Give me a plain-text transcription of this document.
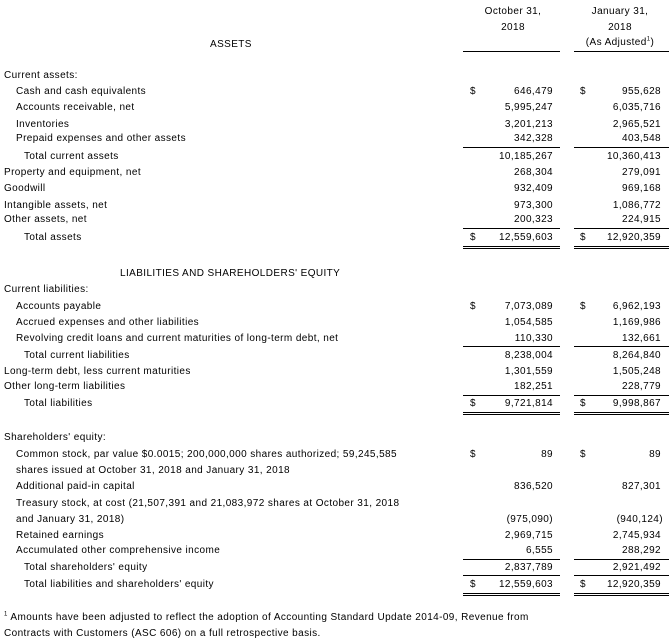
October 31,
2018
January 31,
2018
(As Adjusted$^1$)
ASSETS
Current assets:
Cash and cash equivalents	$	646,479	$	955,628
Accounts receivable, net	5,995,247	6,035,716
Inventories	3,201,213	2,965,521
Prepaid expenses and other assets	342,328	403,548
Total current assets	10,185,267	10,360,413
Property and equipment, net	268,304	279,091
Goodwill	932,409	969,168
Intangible assets, net	973,300	1,086,772
Other assets, net	200,323	224,915
Total assets	$ 12,559,603	$ 12,920,359
LIABILITIES AND SHAREHOLDERS' EQUITY
Current liabilities:
Accounts payable	$	7,073,089	$	6,962,193
Accrued expenses and other liabilities	1,054,585	1,169,986
Revolving credit loans and current maturities of long-term debt, net	110,330	132,661
Total current liabilities	8,238,004	8,264,840
Long-term debt, less current maturities	1,301,559	1,505,248
Other long-term liabilities	182,251	228,779
Total liabilities	$	9,721,814	$	9,998,867
Shareholders' equity:
Common stock, par value $0.0015; 200,000,000 shares authorized; 59,245,585
shares issued at October 31, 2018 and January 31, 2018
$	89	$	89
Additional paid-in capital	836,520	827,301
Treasury stock, at cost (21,507,391 and 21,083,972 shares at October 31, 2018
and January 31, 2018)	(975,090)	(940,124)
Retained earnings	2,969,715	2,745,934
Accumulated other comprehensive income	6,555	288,292
Total shareholders' equity	2,837,789	2,921,492
Total liabilities and shareholders' equity	$ 12,559,603	$ 12,920,359
$^1$ Amounts have been adjusted to reflect the adoption of Accounting Standard Update 2014-09, Revenue from
Contracts with Customers (ASC 606) on a full retrospective basis.
